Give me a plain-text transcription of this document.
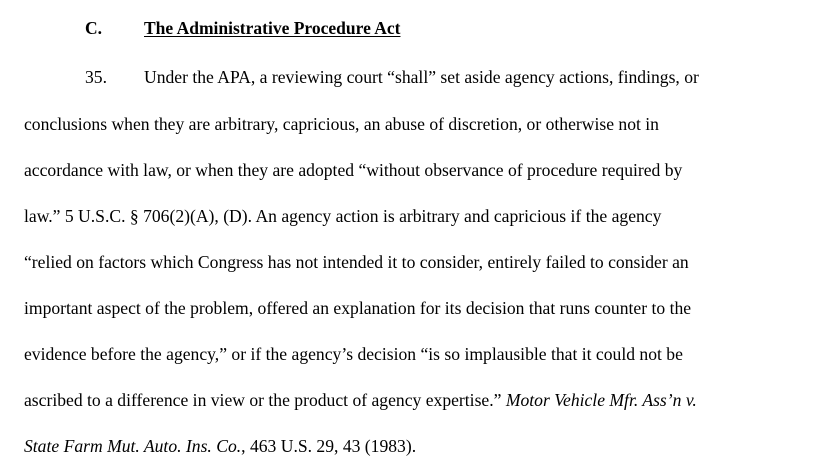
C. The Administrative Procedure Act
35. Under the APA, a reviewing court “shall” set aside agency actions, findings, or
conclusions when they are arbitrary, capricious, an abuse of discretion, or otherwise not in
accordance with law, or when they are adopted “without observance of procedure required by
law.” 5 U.S.C. § 706(2)(A), (D). An agency action is arbitrary and capricious if the agency
“relied on factors which Congress has not intended it to consider, entirely failed to consider an
important aspect of the problem, offered an explanation for its decision that runs counter to the
evidence before the agency,” or if the agency’s decision “is so implausible that it could not be
ascribed to a difference in view or the product of agency expertise.” Motor Vehicle Mfr. Ass’n v.
State Farm Mut. Auto. Ins. Co., 463 U.S. 29, 43 (1983).
